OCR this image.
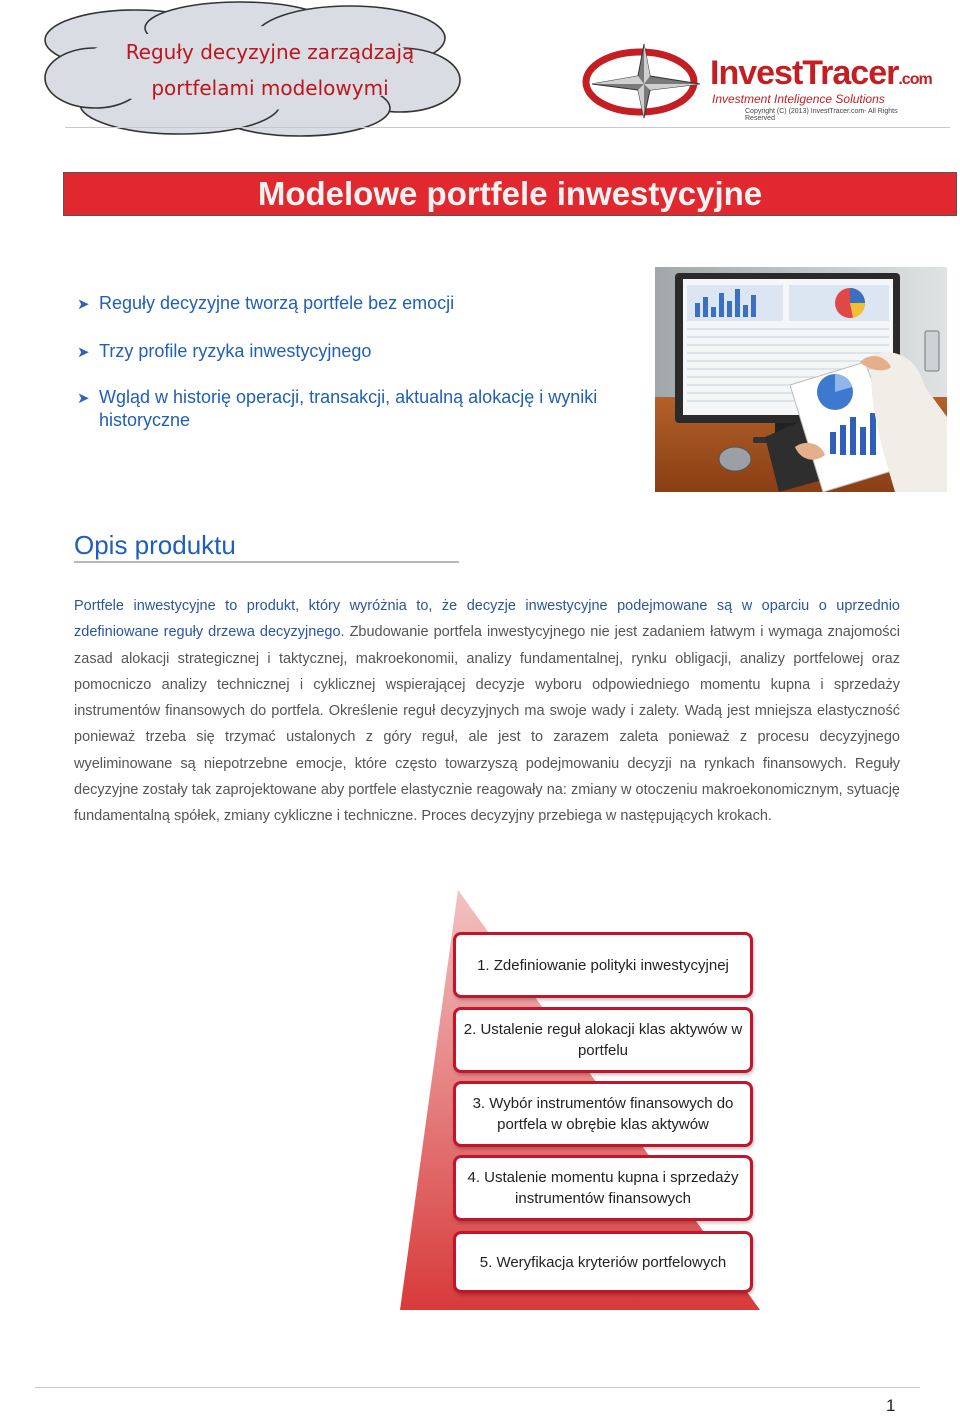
Reguły decyzyjne zarządzają
portfelami modelowymi	InvestTracer.com
Investment Inteligence Solutions
Copyright (C) (2013) InvestTracer.com- All Rights Reserved
Modelowe portfele inwestycyjne
➤ Reguły decyzyjne tworzą portfele bez emocji
➤ Trzy profile ryzyka inwestycyjnego
➤ Wgląd w historię operacji, transakcji, aktualną alokację i wyniki historyczne
Opis produktu
Portfele inwestycyjne to produkt, który wyróżnia to, że decyzje inwestycyjne podejmowane są w oparciu o uprzednio zdefiniowane reguły drzewa decyzyjnego. Zbudowanie portfela inwestycyjnego nie jest zadaniem łatwym i wymaga znajomości zasad alokacji strategicznej i taktycznej, makroekonomii, analizy fundamentalnej, rynku obligacji, analizy portfelowej oraz pomocniczo analizy technicznej i cyklicznej wspierającej decyzje wyboru odpowiedniego momentu kupna i sprzedaży instrumentów finansowych do portfela. Określenie reguł decyzyjnych ma swoje wady i zalety. Wadą jest mniejsza elastyczność ponieważ trzeba się trzymać ustalonych z góry reguł, ale jest to zarazem zaleta ponieważ z procesu decyzyjnego wyeliminowane są niepotrzebne emocje, które często towarzyszą podejmowaniu decyzji na rynkach finansowych. Reguły decyzyjne zostały tak zaprojektowane aby portfele elastycznie reagowały na: zmiany w otoczeniu makroekonomicznym, sytuację fundamentalną spółek, zmiany cykliczne i techniczne. Proces decyzyjny przebiega w następujących krokach.
1. Zdefiniowanie polityki inwestycyjnej
2. Ustalenie reguł alokacji klas aktywów w portfelu
3. Wybór instrumentów finansowych do portfela w obrębie klas aktywów
4. Ustalenie momentu kupna i sprzedaży instrumentów finansowych
5. Weryfikacja kryteriów portfelowych
1
